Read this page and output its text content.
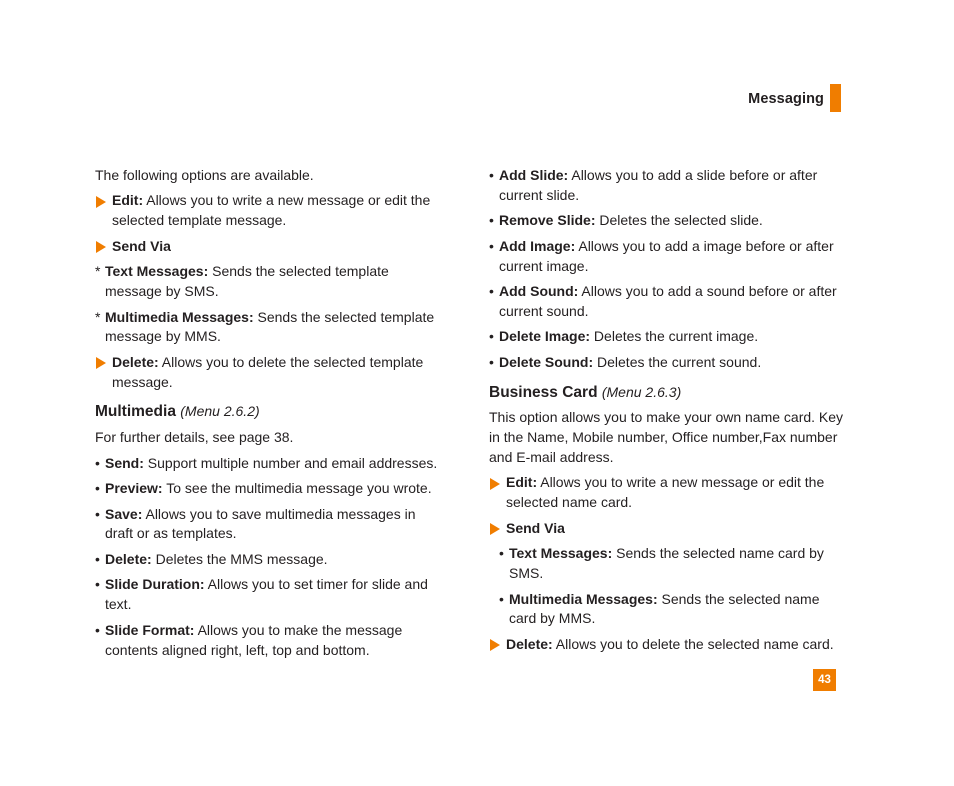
Messaging

The following options are available.

Edit: Allows you to write a new message or edit the selected template message.
Send Via
* Text Messages: Sends the selected template message by SMS.
* Multimedia Messages: Sends the selected template message by MMS.
Delete: Allows you to delete the selected template message.
Multimedia (Menu 2.6.2)

For further details, see page 38.

• Send: Support multiple number and email addresses.
• Preview: To see the multimedia message you wrote.
• Save: Allows you to save multimedia messages in draft or as templates.
• Delete: Deletes the MMS message.
• Slide Duration: Allows you to set timer for slide and text.
• Slide Format: Allows you to make the message contents aligned right, left, top and bottom.
• Add Slide: Allows you to add a slide before or after current slide.
• Remove Slide: Deletes the selected slide.
• Add Image: Allows you to add a image before or after current image.
• Add Sound: Allows you to add a sound before or after current sound.
• Delete Image: Deletes the current image.
• Delete Sound: Deletes the current sound.
Business Card (Menu 2.6.3)

This option allows you to make your own name card. Key in the Name, Mobile number, Office number,Fax number and E-mail address.

Edit: Allows you to write a new message or edit the selected name card.
Send Via
• Text Messages: Sends the selected name card by SMS.
• Multimedia Messages: Sends the selected name card by MMS.
Delete: Allows you to delete the selected name card.
43
